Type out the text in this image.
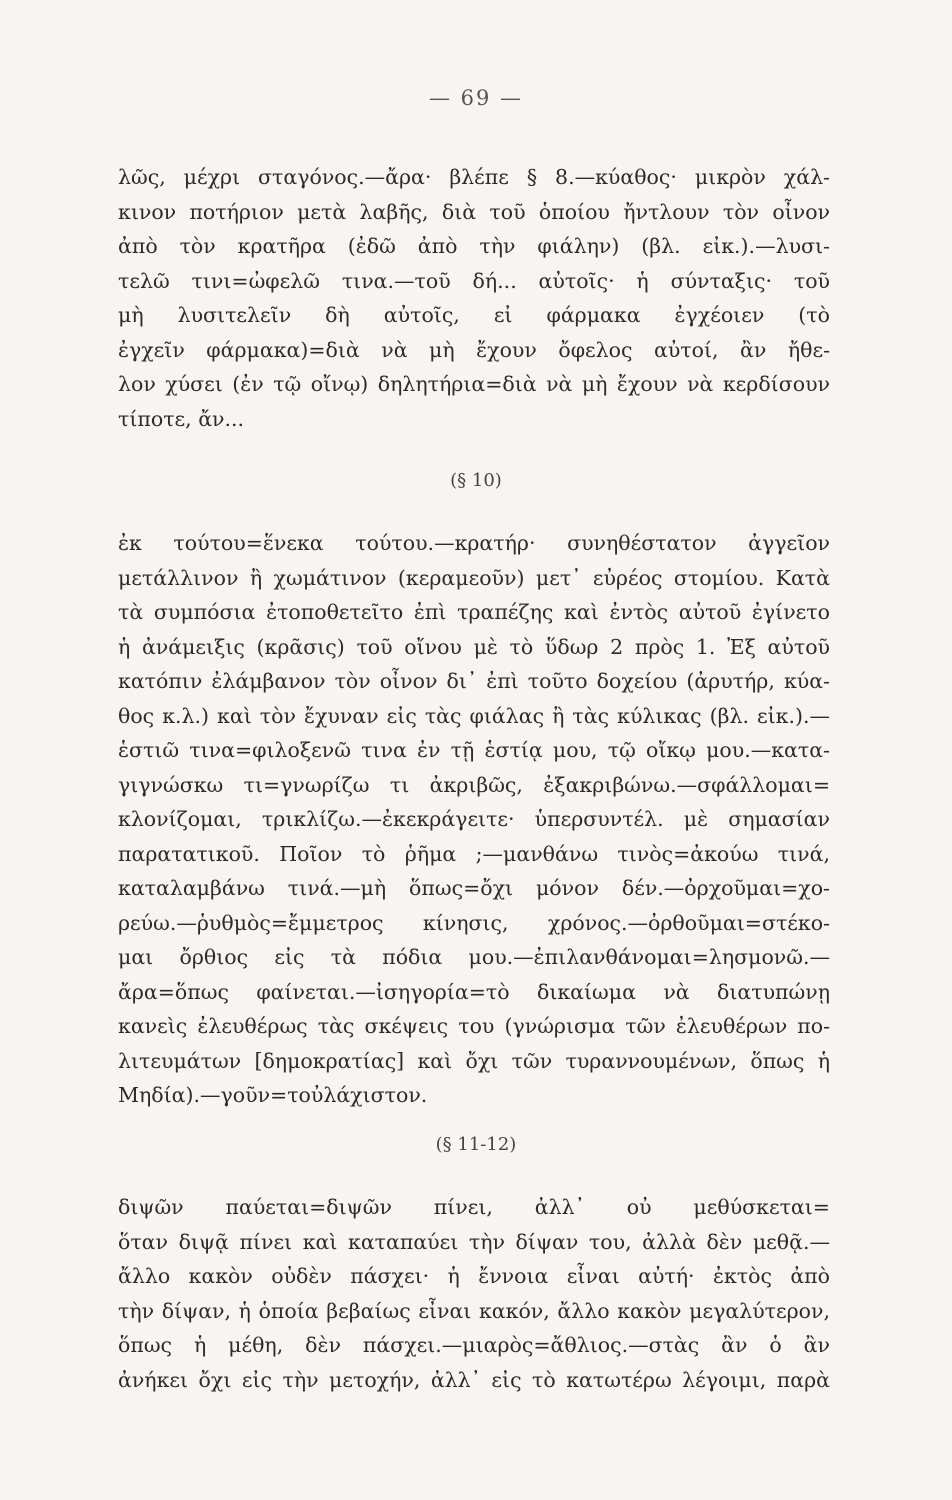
— 69 —
λῶς, μέχρι σταγόνος.—ἄρα· βλέπε § 8.—κύαθος· μικρὸν χάλ-
κινον ποτήριον μετὰ λαβῆς, διὰ τοῦ ὁποίου ἤντλουν τὸν οἶνον
ἀπὸ τὸν κρατῆρα (ἐδῶ ἀπὸ τὴν φιάλην) (βλ. εἰκ.).—λυσι-
τελῶ τινι=ὠφελῶ τινα.—τοῦ δή... αὐτοῖς· ἡ σύνταξις· τοῦ
μὴ λυσιτελεῖν δὴ αὐτοῖς, εἰ φάρμακα ἐγχέοιεν (τὸ
ἐγχεῖν φάρμακα)=διὰ νὰ μὴ ἔχουν ὄφελος αὐτοί, ἂν ἤθε-
λον χύσει (ἐν τῷ οἴνῳ) δηλητήρια=διὰ νὰ μὴ ἔχουν νὰ κερδίσουν
τίποτε, ἄν...
(§ 10)
ἐκ τούτου=ἕνεκα τούτου.—κρατήρ· συνηθέστατον ἀγγεῖον
μετάλλινον ἢ χωμάτινον (κεραμεοῦν) μετ᾽ εὐρέος στομίου. Κατὰ
τὰ συμπόσια ἐτοποθετεῖτο ἐπὶ τραπέζης καὶ ἐντὸς αὐτοῦ ἐγίνετο
ἡ ἀνάμειξις (κρᾶσις) τοῦ οἴνου μὲ τὸ ὕδωρ 2 πρὸς 1. Ἐξ αὐτοῦ
κατόπιν ἐλάμβανον τὸν οἶνον δι᾽ ἐπὶ τοῦτο δοχείου (ἀρυτήρ, κύα-
θος κ.λ.) καὶ τὸν ἔχυναν εἰς τὰς φιάλας ἢ τὰς κύλικας (βλ. εἰκ.).—
ἑστιῶ τινα=φιλοξενῶ τινα ἐν τῇ ἑστίᾳ μου, τῷ οἴκῳ μου.—κατα-
γιγνώσκω τι=γνωρίζω τι ἀκριβῶς, ἐξακριβώνω.—σφάλλομαι=
κλονίζομαι, τρικλίζω.—ἐκεκράγειτε· ὑπερσυντέλ. μὲ σημασίαν
παρατατικοῦ. Ποῖον τὸ ῥῆμα ;—μανθάνω τινὸς=ἀκούω τινά,
καταλαμβάνω τινά.—μὴ ὅπως=ὄχι μόνον δέν.—ὀρχοῦμαι=χο-
ρεύω.—ῥυθμὸς=ἔμμετρος κίνησις, χρόνος.—ὀρθοῦμαι=στέκο-
μαι ὄρθιος εἰς τὰ πόδια μου.—ἐπιλανθάνομαι=λησμονῶ.—
ἄρα=ὅπως φαίνεται.—ἰσηγορία=τὸ δικαίωμα νὰ διατυπώνῃ
κανεὶς ἐλευθέρως τὰς σκέψεις του (γνώρισμα τῶν ἐλευθέρων πο-
λιτευμάτων [δημοκρατίας] καὶ ὄχι τῶν τυραννουμένων, ὅπως ἡ
Μηδία).—γοῦν=τοὐλάχιστον.
(§ 11-12)
διψῶν παύεται=διψῶν πίνει, ἀλλ᾽ οὐ μεθύσκεται=
ὅταν διψᾷ πίνει καὶ καταπαύει τὴν δίψαν του, ἀλλὰ δὲν μεθᾷ.—
ἄλλο κακὸν οὐδὲν πάσχει· ἡ ἔννοια εἶναι αὐτή· ἐκτὸς ἀπὸ
τὴν δίψαν, ἡ ὁποία βεβαίως εἶναι κακόν, ἄλλο κακὸν μεγαλύτερον,
ὅπως ἡ μέθη, δὲν πάσχει.—μιαρὸς=ἄθλιος.—στὰς ἂν ὁ ἂν
ἀνήκει ὄχι εἰς τὴν μετοχήν, ἀλλ᾽ εἰς τὸ κατωτέρω λέγοιμι, παρὰ
